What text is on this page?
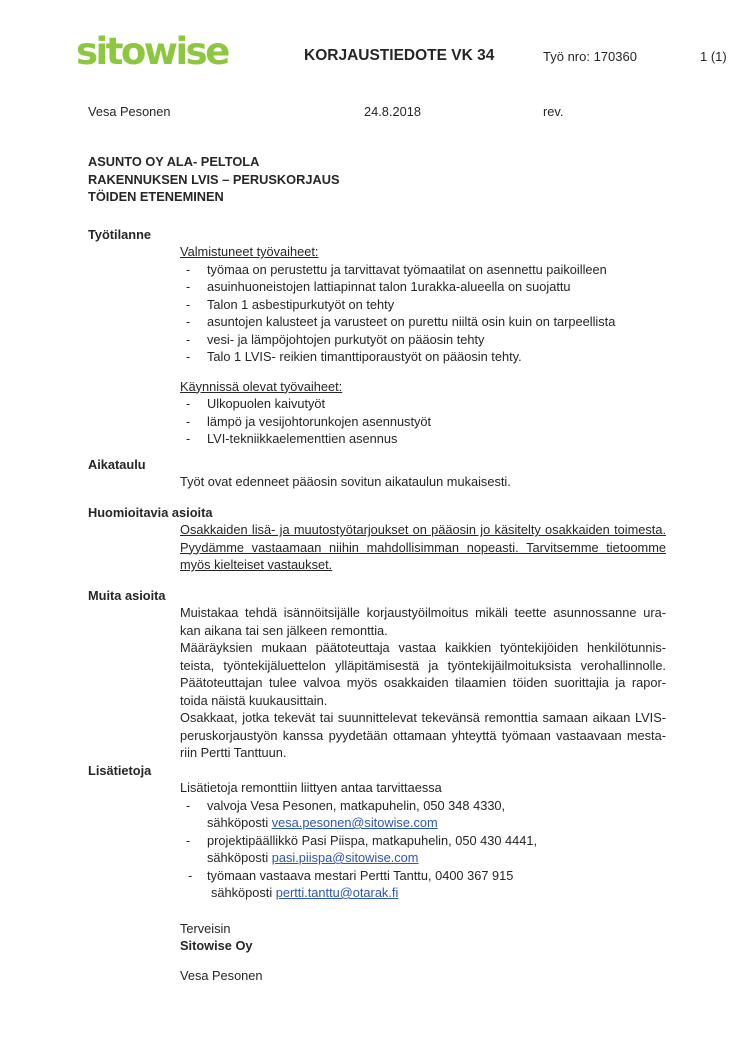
sitowise	KORJAUSTIEDOTE VK 34	Työ nro: 170360	1 (1)
Vesa Pesonen	24.8.2018	rev.
ASUNTO OY ALA- PELTOLA
RAKENNUKSEN LVIS – PERUSKORJAUS
TÖIDEN ETENEMINEN
Työtilanne
Valmistuneet työvaiheet:
-	työmaa on perustettu ja tarvittavat työmaatilat on asennettu paikoilleen
-	asuinhuoneistojen lattiapinnat talon 1urakka-alueella on suojattu
-	Talon 1 asbestipurkutyöt on tehty
-	asuntojen kalusteet ja varusteet on purettu niiltä osin kuin on tarpeellista
-	vesi- ja lämpöjohtojen purkutyöt on pääosin tehty
-	Talo 1 LVIS- reikien timanttiporaustyöt on pääosin tehty.
Käynnissä olevat työvaiheet:
-	Ulkopuolen kaivutyöt
-	lämpö ja vesijohtorunkojen asennustyöt
-	LVI-tekniikkaelementtien asennus
Aikataulu
Työt ovat edenneet pääosin sovitun aikataulun mukaisesti.
Huomioitavia asioita
Osakkaiden lisä- ja muutostyötarjoukset on pääosin jo käsitelty osakkaiden toimesta.
Pyydämme vastaamaan niihin mahdollisimman nopeasti. Tarvitsemme tietoomme
myös kielteiset vastaukset.
Muita asioita
Muistakaa tehdä isännöitsijälle korjaustyöilmoitus mikäli teette asunnossanne ura-
kan aikana tai sen jälkeen remonttia.
Määräyksien mukaan päätoteuttaja vastaa kaikkien työntekijöiden henkilötunnis-
teista, työntekijäluettelon ylläpitämisestä ja työntekijäilmoituksista verohallinnolle.
Päätoteuttajan tulee valvoa myös osakkaiden tilaamien töiden suorittajia ja rapor-
toida näistä kuukausittain.
Osakkaat, jotka tekevät tai suunnittelevat tekevänsä remonttia samaan aikaan LVIS-
peruskorjaustyön kanssa pyydetään ottamaan yhteyttä työmaan vastaavaan mesta-
riin Pertti Tanttuun.
Lisätietoja
Lisätietoja remonttiin liittyen antaa tarvittaessa
-	valvoja Vesa Pesonen, matkapuhelin, 050 348 4330,
sähköposti vesa.pesonen@sitowise.com
-	projektipäällikkö Pasi Piispa, matkapuhelin, 050 430 4441,
sähköposti pasi.piispa@sitowise.com
-	työmaan vastaava mestari Pertti Tanttu, 0400 367 915
sähköposti pertti.tanttu@otarak.fi
Terveisin
Sitowise Oy
Vesa Pesonen
